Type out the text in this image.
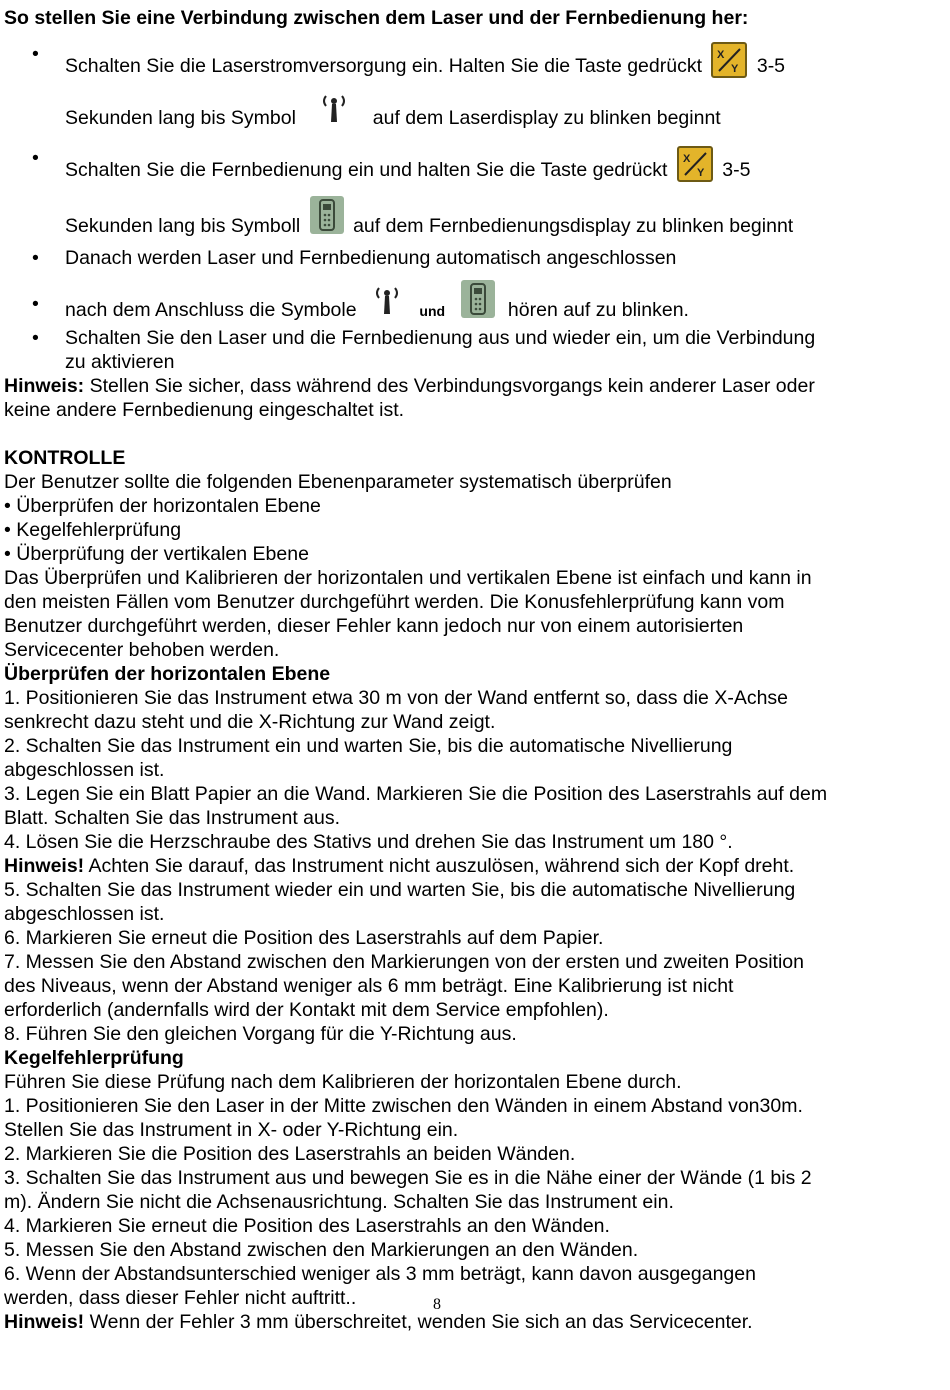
So stellen Sie eine Verbindung zwischen dem Laser und der Fernbedienung her:
•
Schalten Sie die Laserstromversorgung ein. Halten Sie die Taste gedrückt X
Y 3-5
Sekunden lang bis Symbol	auf dem Laserdisplay zu blinken beginnt
•
Schalten Sie die Fernbedienung ein und halten Sie die Taste gedrückt X
Y 3-5
Sekunden lang bis Symboll	auf dem Fernbedienungsdisplay zu blinken beginnt
• Danach werden Laser und Fernbedienung automatisch angeschlossen
• nach dem Anschluss die Symbole	und	hören auf zu blinken.
• Schalten Sie den Laser und die Fernbedienung aus und wieder ein, um die Verbindung
zu aktivieren
Hinweis: Stellen Sie sicher, dass während des Verbindungsvorgangs kein anderer Laser oder
keine andere Fernbedienung eingeschaltet ist.
KONTROLLE
Der Benutzer sollte die folgenden Ebenenparameter systematisch überprüfen
• Überprüfen der horizontalen Ebene
• Kegelfehlerprüfung
• Überprüfung der vertikalen Ebene
Das Überprüfen und Kalibrieren der horizontalen und vertikalen Ebene ist einfach und kann in
den meisten Fällen vom Benutzer durchgeführt werden. Die Konusfehlerprüfung kann vom
Benutzer durchgeführt werden, dieser Fehler kann jedoch nur von einem autorisierten
Servicecenter behoben werden.
Überprüfen der horizontalen Ebene
1. Positionieren Sie das Instrument etwa 30 m von der Wand entfernt so, dass die X-Achse
senkrecht dazu steht und die X-Richtung zur Wand zeigt.
2. Schalten Sie das Instrument ein und warten Sie, bis die automatische Nivellierung
abgeschlossen ist.
3. Legen Sie ein Blatt Papier an die Wand. Markieren Sie die Position des Laserstrahls auf dem
Blatt. Schalten Sie das Instrument aus.
4. Lösen Sie die Herzschraube des Stativs und drehen Sie das Instrument um 180 °.
Hinweis! Achten Sie darauf, das Instrument nicht auszulösen, während sich der Kopf dreht.
5. Schalten Sie das Instrument wieder ein und warten Sie, bis die automatische Nivellierung
abgeschlossen ist.
6. Markieren Sie erneut die Position des Laserstrahls auf dem Papier.
7. Messen Sie den Abstand zwischen den Markierungen von der ersten und zweiten Position
des Niveaus, wenn der Abstand weniger als 6 mm beträgt. Eine Kalibrierung ist nicht
erforderlich (andernfalls wird der Kontakt mit dem Service empfohlen).
8. Führen Sie den gleichen Vorgang für die Y-Richtung aus.
Kegelfehlerprüfung
Führen Sie diese Prüfung nach dem Kalibrieren der horizontalen Ebene durch.
1. Positionieren Sie den Laser in der Mitte zwischen den Wänden in einem Abstand von30m.
Stellen Sie das Instrument in X- oder Y-Richtung ein.
2. Markieren Sie die Position des Laserstrahls an beiden Wänden.
3. Schalten Sie das Instrument aus und bewegen Sie es in die Nähe einer der Wände (1 bis 2
m). Ändern Sie nicht die Achsenausrichtung. Schalten Sie das Instrument ein.
4. Markieren Sie erneut die Position des Laserstrahls an den Wänden.
5. Messen Sie den Abstand zwischen den Markierungen an den Wänden.
6. Wenn der Abstandsunterschied weniger als 3 mm beträgt, kann davon ausgegangen
werden, dass dieser Fehler nicht auftritt..
Hinweis! Wenn der Fehler 3 mm überschreitet, wenden Sie sich an das Servicecenter.
8
